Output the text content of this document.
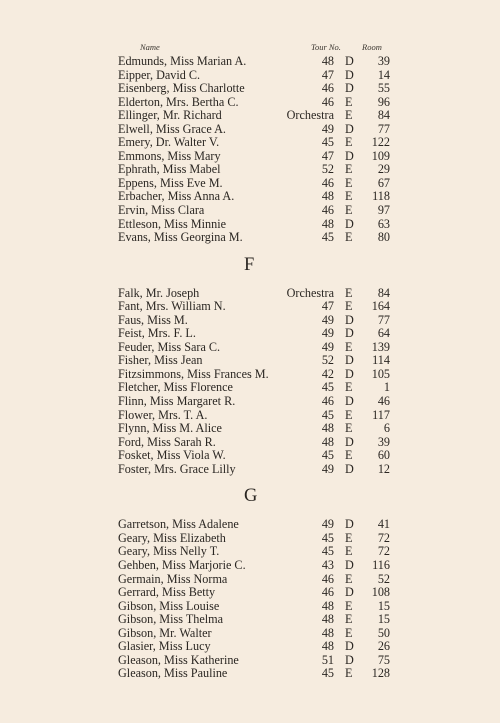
Name	Tour No. Room
Edmunds, Miss Marian A.	48 D 39
Eipper, David C.	47 D 14
Eisenberg, Miss Charlotte	46 D 55
Elderton, Mrs. Bertha C.	46 E 96
Ellinger, Mr. Richard	Orchestra E 84
Elwell, Miss Grace A.	49 D 77
Emery, Dr. Walter V.	45 E 122
Emmons, Miss Mary	47 D 109
Ephrath, Miss Mabel	52 E 29
Eppens, Miss Eve M.	46 E 67
Erbacher, Miss Anna A.	48 E 118
Ervin, Miss Clara	46 E 97
Ettleson, Miss Minnie	48 D 63
Evans, Miss Georgina M.	45 E 80
F
Falk, Mr. Joseph	Orchestra E 84
Fant, Mrs. William N.	47 E 164
Faus, Miss M.	49 D 77
Feist, Mrs. F. L.	49 D 64
Feuder, Miss Sara C.	49 E 139
Fisher, Miss Jean	52 D 114
Fitzsimmons, Miss Frances M.	42 D 105
Fletcher, Miss Florence	45 E	1
Flinn, Miss Margaret R.	46 D 46
Flower, Mrs. T. A.	45 E 117
Flynn, Miss M. Alice	48 E	6
Ford, Miss Sarah R.	48 D 39
Fosket, Miss Viola W.	45 E 60
Foster, Mrs. Grace Lilly	49 D 12
G
Garretson, Miss Adalene	49 D 41
Geary, Miss Elizabeth	45 E 72
Geary, Miss Nelly T.	45 E 72
Gehben, Miss Marjorie C.	43 D 116
Germain, Miss Norma	46 E 52
Gerrard, Miss Betty	46 D 108
Gibson, Miss Louise	48 E 15
Gibson, Miss Thelma	48 E 15
Gibson, Mr. Walter	48 E 50
Glasier, Miss Lucy	48 D 26
Gleason, Miss Katherine	51 D 75
Gleason, Miss Pauline	45 E 128
